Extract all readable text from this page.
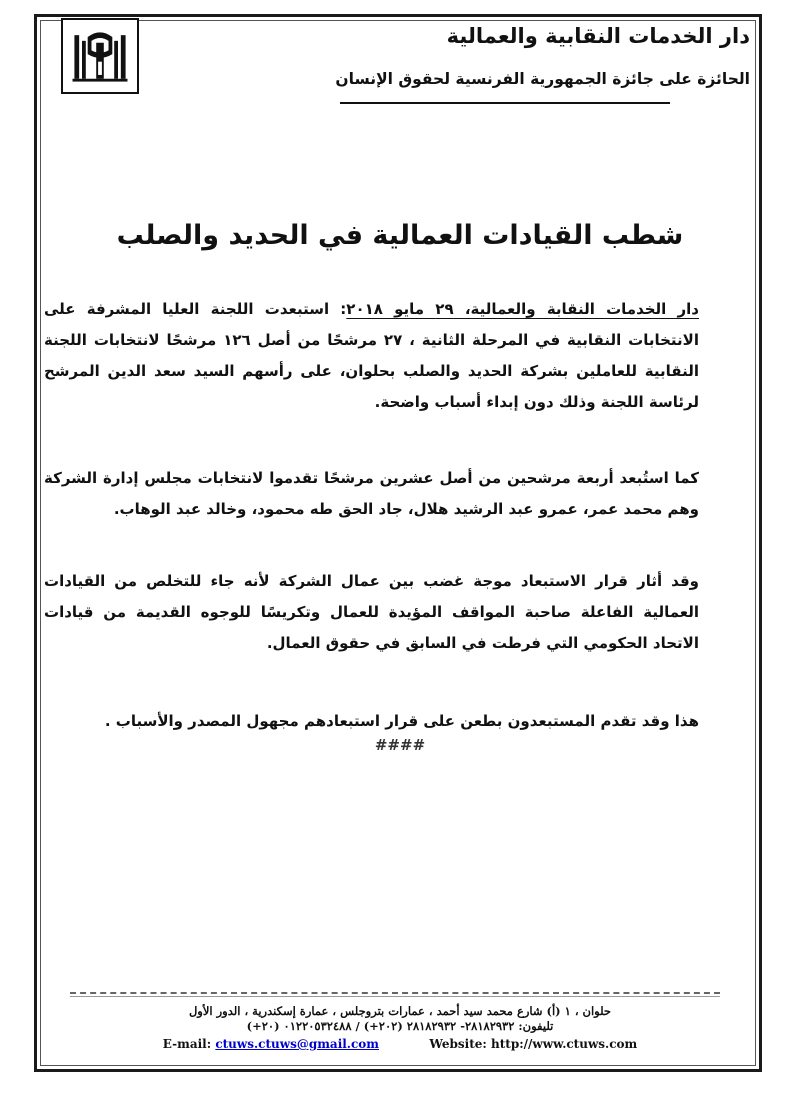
دار الخدمات النقابية والعمالية
الحائزة على جائزة الجمهورية الفرنسية لحقوق الإنسان
شطب القيادات العمالية في الحديد والصلب
دار الخدمات النقابة والعمالية، ٢٩ مايو ٢٠١٨: استبعدت اللجنة العليا المشرفة على الانتخابات النقابية في المرحلة الثانية ، ٢٧ مرشحًا من أصل ١٢٦ مرشحًا لانتخابات اللجنة النقابية للعاملين بشركة الحديد والصلب بحلوان، على رأسهم السيد سعد الدين المرشح لرئاسة اللجنة وذلك دون إبداء أسباب واضحة.
كما استُبعد أربعة مرشحين من أصل عشرين مرشحًا تقدموا لانتخابات مجلس إدارة الشركة وهم محمد عمر، عمرو عبد الرشيد هلال، جاد الحق طه محمود، وخالد عبد الوهاب.
وقد أثار قرار الاستبعاد موجة غضب بين عمال الشركة لأنه جاء للتخلص من القيادات العمالية الفاعلة صاحبة المواقف المؤيدة للعمال وتكريسًا للوجوه القديمة من قيادات الاتحاد الحكومي التي فرطت في السابق في حقوق العمال.
هذا وقد تقدم المستبعدون بطعن على قرار استبعادهم مجهول المصدر والأسباب .
####
حلوان ، ١ (أ) شارع محمد سيد أحمد ، عمارات بتروجلس ، عمارة إسكندرية ، الدور الأول
تليفون: ٢٨١٨٢٩٣٢- ٢٨١٨٢٩٣٢ (٢٠٢+) / ٠١٢٢٠٥٣٢٤٨٨ (٢٠+)
E-mail: ctuws.ctuws@gmail.com	Website: http://www.ctuws.com
